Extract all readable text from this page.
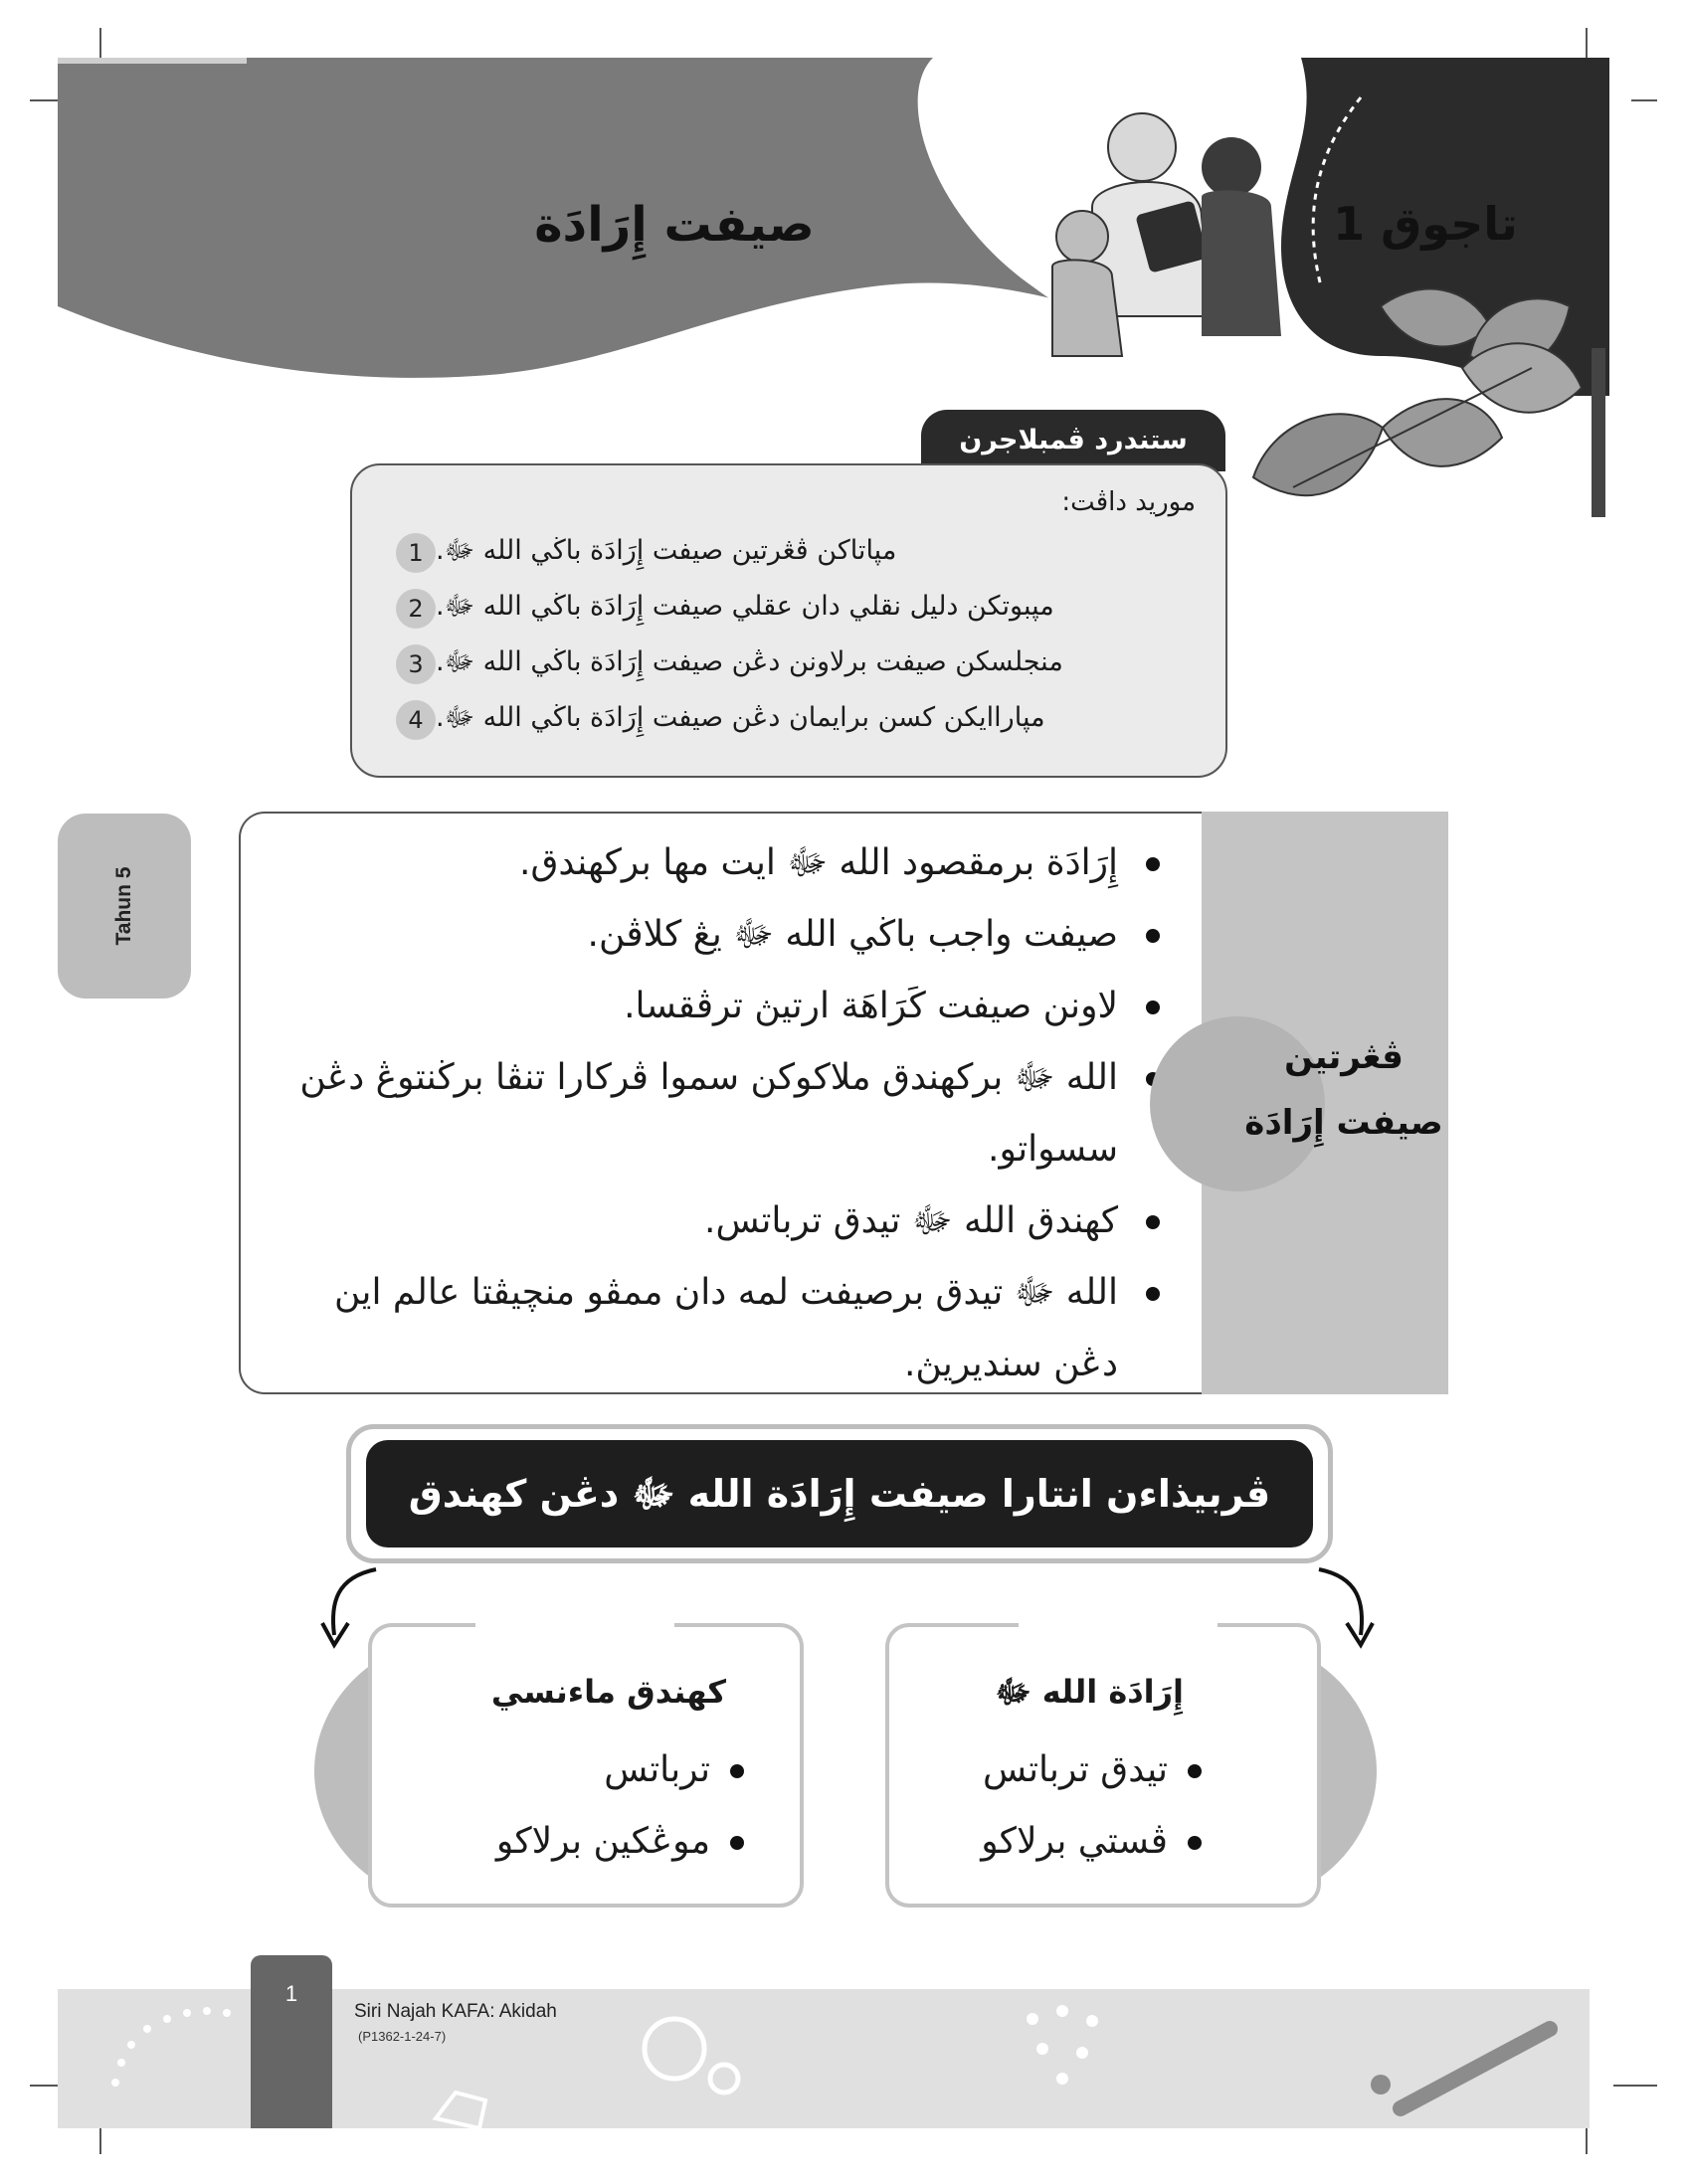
صيفت إِرَادَة	تاجوق 1
ستندرد ڤمبلاجرن
موريد داڤت:
1 مپاتاکن ڤڠرتين صيفت إِرَادَة باڬي الله ﷻ.
2 مپبوتکن دليل نقلي دان عقلي صيفت إِرَادَة باڬي الله ﷻ.
3 منجلسکن صيفت برلاونن دڠن صيفت إِرَادَة باڬي الله ﷻ.
4 مپاراايکن کسن برايمان دڠن صيفت إِرَادَة باڬي الله ﷻ.
Tahun 5
إِرَادَة برمقصود الله ﷻ ايت مها برکهندق.
صيفت واجب باڬي الله ﷻ يڠ کلاڤن.
لاونن صيفت کَرَاهَة ارتيڽ ترڤقسا.
الله ﷻ برکهندق ملاکوکن سموا ڤرکارا تنڤا برڬنتوڠ دڠن سسواتو.
کهندق الله ﷻ تيدق ترباتس.
الله ﷻ تيدق برصيفت لمه دان ممڤو منچيڤتا عالم اين دڠن سنديريڽ.
ڤڠرتين
صيفت إِرَادَة
ڤربيذاءن انتارا صيفت إِرَادَة الله ﷻ دڠن کهندق ماءنسي
کهندق ماءنسي
ترباتس
موڠکين برلاکو
إِرَادَة الله ﷻ
تيدق ترباتس
ڤستي برلاکو
1
Siri Najah KAFA: Akidah
(P1362-1-24-7)
